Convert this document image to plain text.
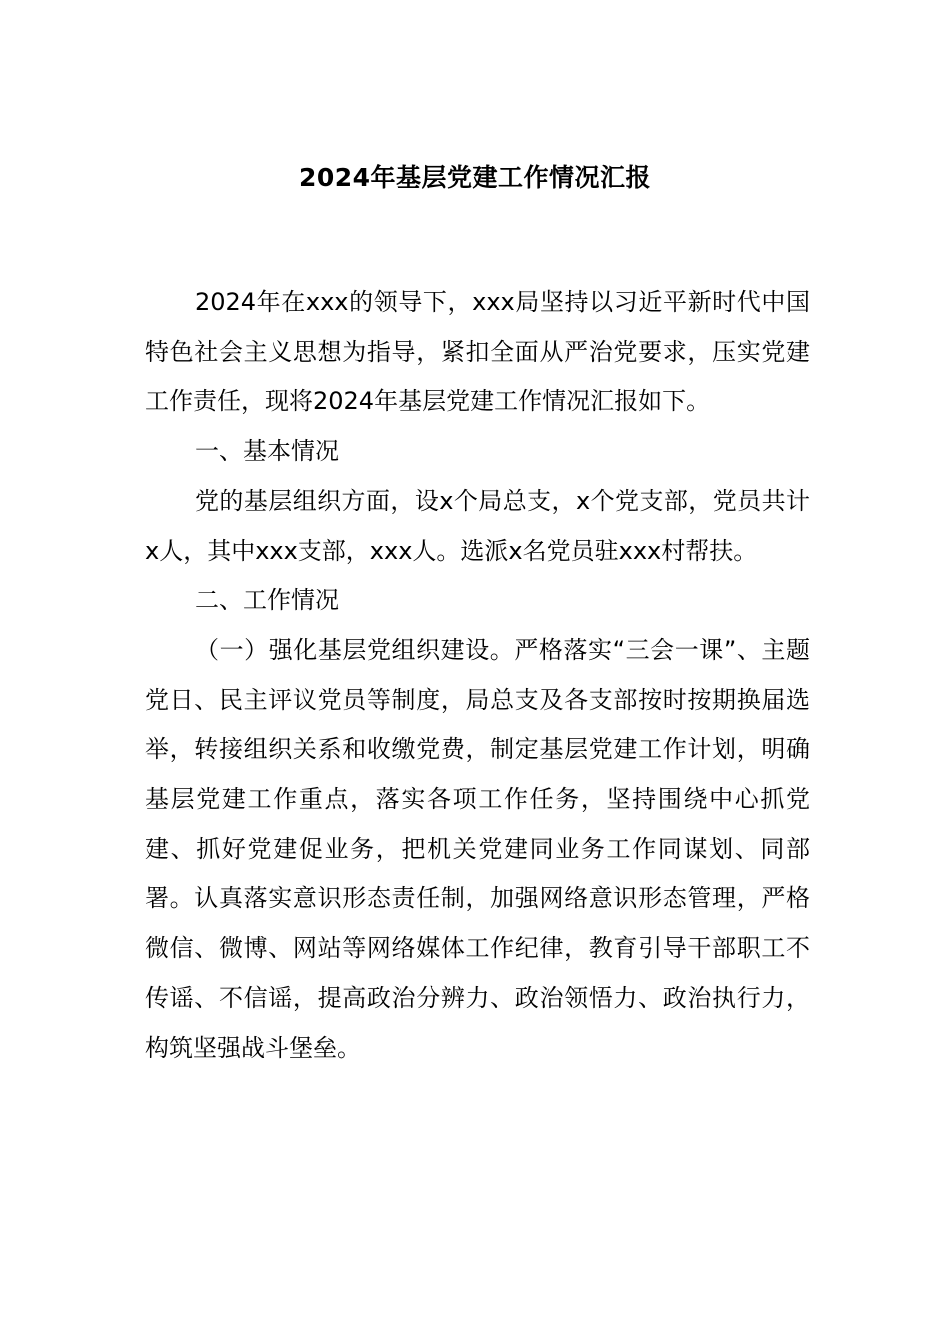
2024年基层党建工作情况汇报

2024年在xxx的领导下，xxx局坚持以习近平新时代中国特色社会主义思想为指导，紧扣全面从严治党要求，压实党建工作责任，现将2024年基层党建工作情况汇报如下。

一、基本情况

党的基层组织方面，设x个局总支，x个党支部，党员共计x人，其中xxx支部，xxx人。选派x名党员驻xxx村帮扶。

二、工作情况

（一）强化基层党组织建设。严格落实“三会一课”、主题党日、民主评议党员等制度，局总支及各支部按时按期换届选举，转接组织关系和收缴党费，制定基层党建工作计划，明确基层党建工作重点，落实各项工作任务，坚持围绕中心抓党建、抓好党建促业务，把机关党建同业务工作同谋划、同部署。认真落实意识形态责任制，加强网络意识形态管理，严格微信、微博、网站等网络媒体工作纪律，教育引导干部职工不传谣、不信谣，提高政治分辨力、政治领悟力、政治执行力，构筑坚强战斗堡垒。
